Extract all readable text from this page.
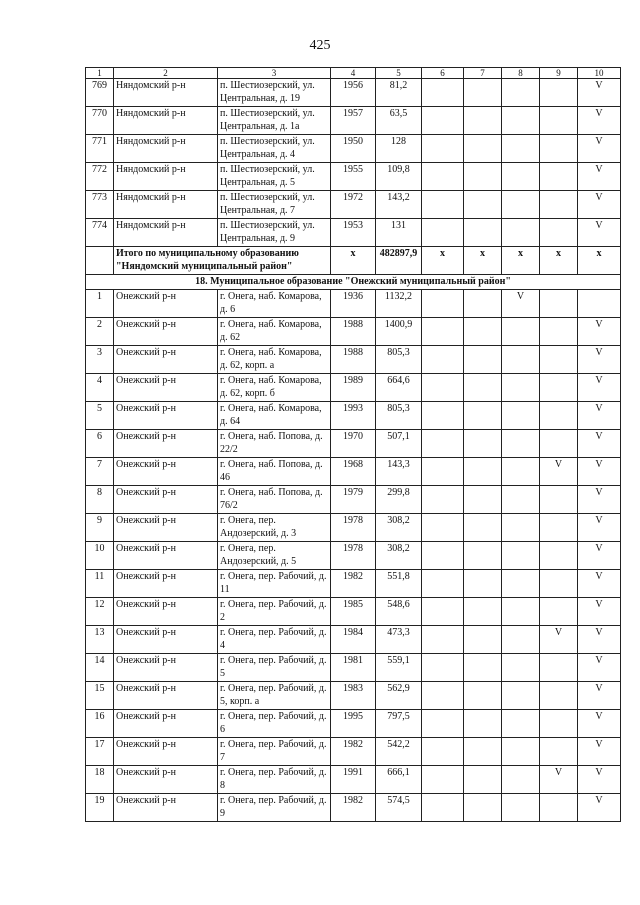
425
1	2	3	4	5	6	7	8	9	10
769	Няндомский р-н	п. Шестиозерский, ул. Центральная, д. 19	1956	81,2					V
770	Няндомский р-н	п. Шестиозерский, ул. Центральная, д. 1а	1957	63,5					V
771	Няндомский р-н	п. Шестиозерский, ул. Центральная, д. 4	1950	128					V
772	Няндомский р-н	п. Шестиозерский, ул. Центральная, д. 5	1955	109,8					V
773	Няндомский р-н	п. Шестиозерский, ул. Центральная, д. 7	1972	143,2					V
774	Няндомский р-н	п. Шестиозерский, ул. Центральная, д. 9	1953	131					V
	Итого по муниципальному образованию "Няндомский муниципальный район"		x	482897,9	x	x	x	x	x
18. Муниципальное образование "Онежский муниципальный район"									
1	Онежский р-н	г. Онега, наб. Комарова, д. 6	1936	1132,2			V		
2	Онежский р-н	г. Онега, наб. Комарова, д. 62	1988	1400,9					V
3	Онежский р-н	г. Онега, наб. Комарова, д. 62, корп. а	1988	805,3					V
4	Онежский р-н	г. Онега, наб. Комарова, д. 62, корп. б	1989	664,6					V
5	Онежский р-н	г. Онега, наб. Комарова, д. 64	1993	805,3					V
6	Онежский р-н	г. Онега, наб. Попова, д. 22/2	1970	507,1					V
7	Онежский р-н	г. Онега, наб. Попова, д. 46	1968	143,3				V	V
8	Онежский р-н	г. Онега, наб. Попова, д. 76/2	1979	299,8					V
9	Онежский р-н	г. Онега, пер. Андозерский, д. 3	1978	308,2					V
10	Онежский р-н	г. Онега, пер. Андозерский, д. 5	1978	308,2					V
11	Онежский р-н	г. Онега, пер. Рабочий, д. 11	1982	551,8					V
12	Онежский р-н	г. Онега, пер. Рабочий, д. 2	1985	548,6					V
13	Онежский р-н	г. Онега, пер. Рабочий, д. 4	1984	473,3				V	V
14	Онежский р-н	г. Онега, пер. Рабочий, д. 5	1981	559,1					V
15	Онежский р-н	г. Онега, пер. Рабочий, д. 5, корп. а	1983	562,9					V
16	Онежский р-н	г. Онега, пер. Рабочий, д. 6	1995	797,5					V
17	Онежский р-н	г. Онега, пер. Рабочий, д. 7	1982	542,2					V
18	Онежский р-н	г. Онега, пер. Рабочий, д. 8	1991	666,1				V	V
19	Онежский р-н	г. Онега, пер. Рабочий, д. 9	1982	574,5					V
